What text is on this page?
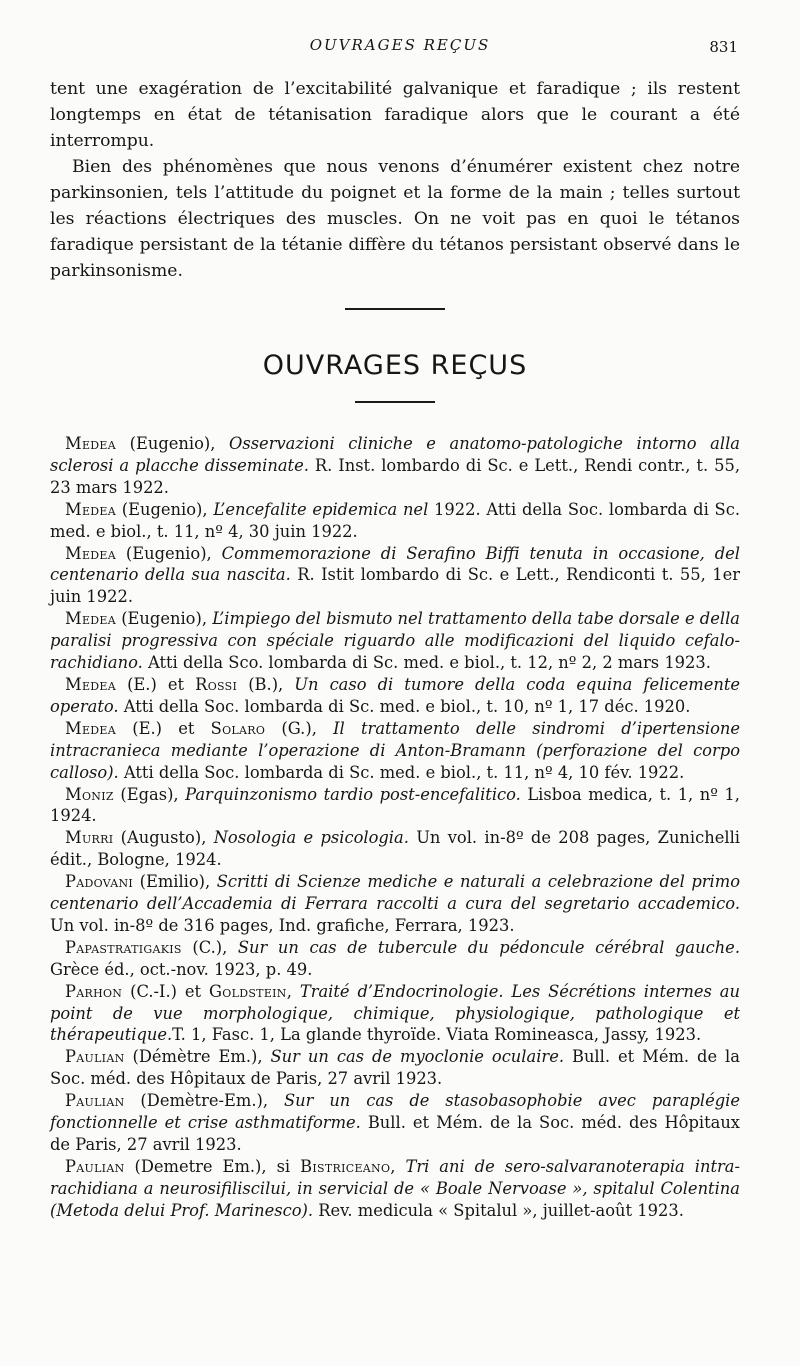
OUVRAGES REÇUS	831

tent une exagération de l’excitabilité galvanique et faradique ; ils restent longtemps en état de tétanisation faradique alors que le courant a été interrompu.

Bien des phénomènes que nous venons d’énumérer existent chez notre parkinsonien, tels l’attitude du poignet et la forme de la main ; telles surtout les réactions électriques des muscles. On ne voit pas en quoi le tétanos faradique persistant de la tétanie diffère du tétanos persistant observé dans le parkinsonisme.

OUVRAGES REÇUS

Medea (Eugenio), Osservazioni cliniche e anatomo-patologiche intorno alla sclerosi a placche disseminate. R. Inst. lombardo di Sc. e Lett., Rendi contr., t. 55, 23 mars 1922.

Medea (Eugenio), L’encefalite epidemica nel 1922. Atti della Soc. lombarda di Sc. med. e biol., t. 11, nº 4, 30 juin 1922.

Medea (Eugenio), Commemorazione di Serafino Biffi tenuta in occasione, del centenario della sua nascita. R. Istit lombardo di Sc. e Lett., Rendiconti t. 55, 1er juin 1922.

Medea (Eugenio), L’impiego del bismuto nel trattamento della tabe dorsale e della paralisi progressiva con spéciale riguardo alle modificazioni del liquido cefalo-rachidiano. Atti della Sco. lombarda di Sc. med. e biol., t. 12, nº 2, 2 mars 1923.

Medea (E.) et Rossi (B.), Un caso di tumore della coda equina felicemente operato. Atti della Soc. lombarda di Sc. med. e biol., t. 10, nº 1, 17 déc. 1920.

Medea (E.) et Solaro (G.), Il trattamento delle sindromi d’ipertensione intracranieca mediante l’operazione di Anton-Bramann (perforazione del corpo calloso). Atti della Soc. lombarda di Sc. med. e biol., t. 11, nº 4, 10 fév. 1922.

Moniz (Egas), Parquinzonismo tardio post-encefalitico. Lisboa medica, t. 1, nº 1, 1924.

Murri (Augusto), Nosologia e psicologia. Un vol. in-8º de 208 pages, Zunichelli édit., Bologne, 1924.

Padovani (Emilio), Scritti di Scienze mediche e naturali a celebrazione del primo centenario dell’Accademia di Ferrara raccolti a cura del segretario accademico. Un vol. in-8º de 316 pages, Ind. grafiche, Ferrara, 1923.

Papastratigakis (C.), Sur un cas de tubercule du pédoncule cérébral gauche. Grèce éd., oct.-nov. 1923, p. 49.

Parhon (C.-I.) et Goldstein, Traité d’Endocrinologie. Les Sécrétions internes au point de vue morphologique, chimique, physiologique, pathologique et thérapeutique.T. 1, Fasc. 1, La glande thyroïde. Viata Romineasca, Jassy, 1923.

Paulian (Démètre Em.), Sur un cas de myoclonie oculaire. Bull. et Mém. de la Soc. méd. des Hôpitaux de Paris, 27 avril 1923.

Paulian (Demètre-Em.), Sur un cas de stasobasophobie avec paraplégie fonctionnelle et crise asthmatiforme. Bull. et Mém. de la Soc. méd. des Hôpitaux de Paris, 27 avril 1923.

Paulian (Demetre Em.), si Bistriceano, Tri ani de sero-salvaranoterapia intra-rachidiana a neurosifiliscilui, in servicial de « Boale Nervoase », spitalul Colentina (Metoda delui Prof. Marinesco). Rev. medicula « Spitalul », juillet-août 1923.
